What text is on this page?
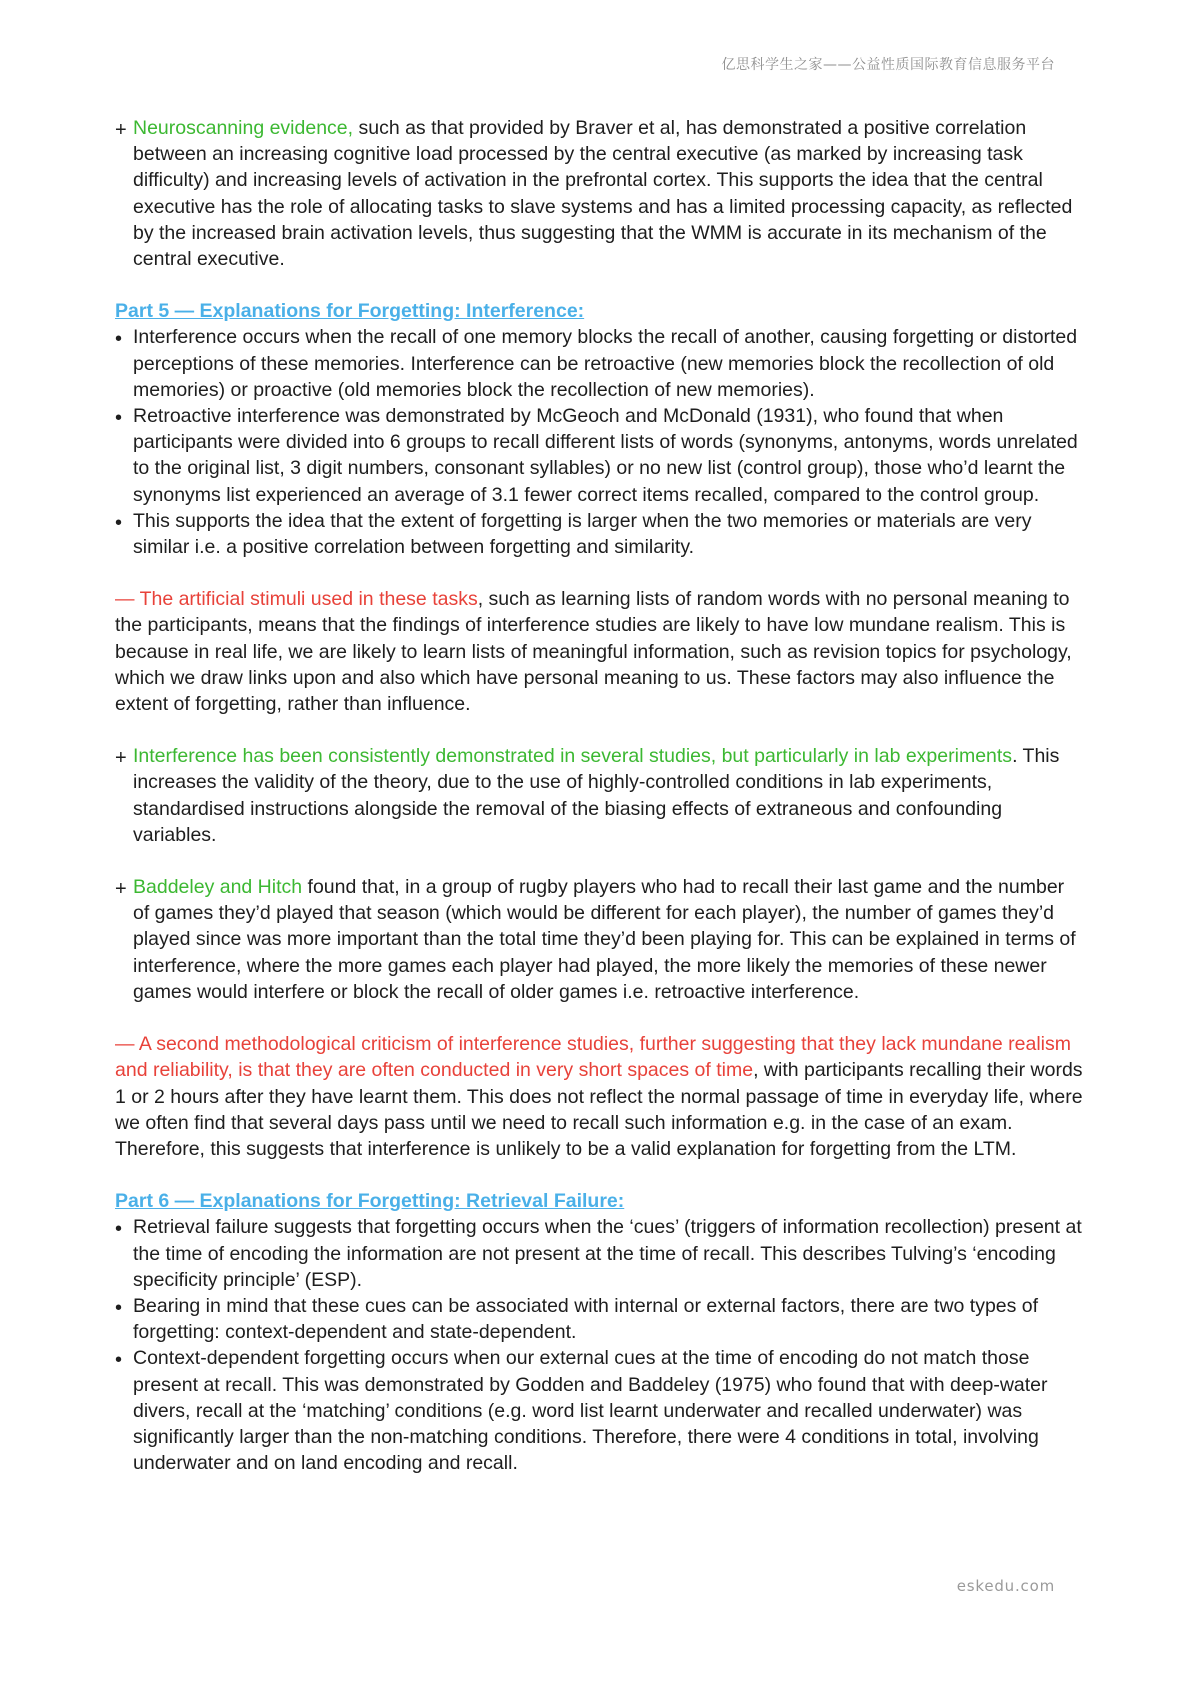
亿思科学生之家——公益性质国际教育信息服务平台
+ Neuroscanning evidence, such as that provided by Braver et al, has demonstrated a positive correlation between an increasing cognitive load processed by the central executive (as marked by increasing task difficulty) and increasing levels of activation in the prefrontal cortex. This supports the idea that the central executive has the role of allocating tasks to slave systems and has a limited processing capacity, as reflected by the increased brain activation levels, thus suggesting that the WMM is accurate in its mechanism of the central executive.
Part 5 — Explanations for Forgetting: Interference:
• Interference occurs when the recall of one memory blocks the recall of another, causing forgetting or distorted perceptions of these memories. Interference can be retroactive (new memories block the recollection of old memories) or proactive (old memories block the recollection of new memories).
• Retroactive interference was demonstrated by McGeoch and McDonald (1931), who found that when participants were divided into 6 groups to recall different lists of words (synonyms, antonyms, words unrelated to the original list, 3 digit numbers, consonant syllables) or no new list (control group), those who’d learnt the synonyms list experienced an average of 3.1 fewer correct items recalled, compared to the control group.
• This supports the idea that the extent of forgetting is larger when the two memories or materials are very similar i.e. a positive correlation between forgetting and similarity.
— The artificial stimuli used in these tasks, such as learning lists of random words with no personal meaning to the participants, means that the findings of interference studies are likely to have low mundane realism. This is because in real life, we are likely to learn lists of meaningful information, such as revision topics for psychology, which we draw links upon and also which have personal meaning to us. These factors may also influence the extent of forgetting, rather than influence.
+ Interference has been consistently demonstrated in several studies, but particularly in lab experiments. This increases the validity of the theory, due to the use of highly-controlled conditions in lab experiments, standardised instructions alongside the removal of the biasing effects of extraneous and confounding variables.
+ Baddeley and Hitch found that, in a group of rugby players who had to recall their last game and the number of games they’d played that season (which would be different for each player), the number of games they’d played since was more important than the total time they’d been playing for. This can be explained in terms of interference, where the more games each player had played, the more likely the memories of these newer games would interfere or block the recall of older games i.e. retroactive interference.
— A second methodological criticism of interference studies, further suggesting that they lack mundane realism and reliability, is that they are often conducted in very short spaces of time, with participants recalling their words 1 or 2 hours after they have learnt them. This does not reflect the normal passage of time in everyday life, where we often find that several days pass until we need to recall such information e.g. in the case of an exam. Therefore, this suggests that interference is unlikely to be a valid explanation for forgetting from the LTM.
Part 6 — Explanations for Forgetting: Retrieval Failure:
• Retrieval failure suggests that forgetting occurs when the ‘cues’ (triggers of information recollection) present at the time of encoding the information are not present at the time of recall. This describes Tulving’s ‘encoding specificity principle’ (ESP).
• Bearing in mind that these cues can be associated with internal or external factors, there are two types of forgetting: context-dependent and state-dependent.
• Context-dependent forgetting occurs when our external cues at the time of encoding do not match those present at recall. This was demonstrated by Godden and Baddeley (1975) who found that with deep-water divers, recall at the ‘matching’ conditions (e.g. word list learnt underwater and recalled underwater) was significantly larger than the non-matching conditions. Therefore, there were 4 conditions in total, involving underwater and on land encoding and recall.
eskedu.com
